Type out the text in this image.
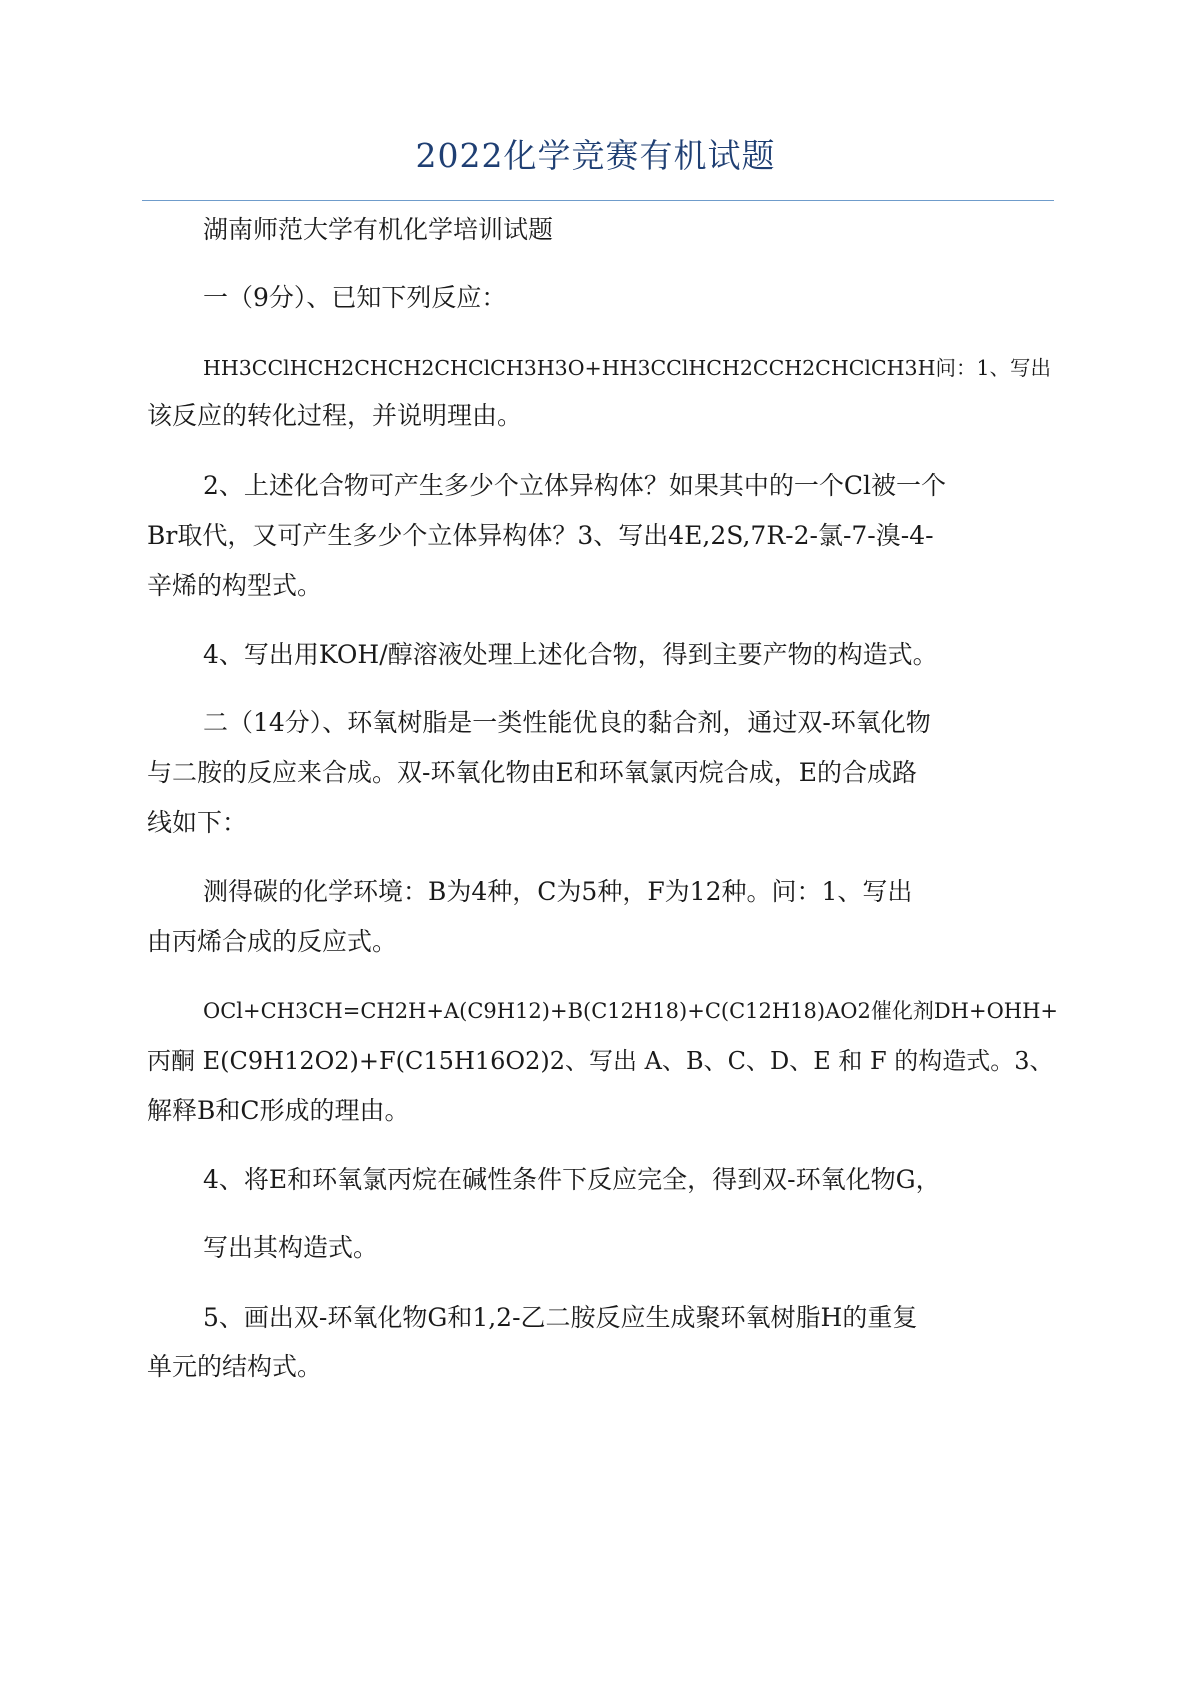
2022化学竞赛有机试题
湖南师范大学有机化学培训试题
一（9分）、已知下列反应：
HH3CClHCH2CHCH2CHClCH3H3O+HH3CClHCH2CCH2CHClCH3H问：1、写出
该反应的转化过程，并说明理由。
2、上述化合物可产生多少个立体异构体？如果其中的一个Cl被一个
Br取代，又可产生多少个立体异构体？3、写出4E,2S,7R-2-氯-7-溴-4-
辛烯的构型式。
4、写出用KOH/醇溶液处理上述化合物，得到主要产物的构造式。
二（14分）、环氧树脂是一类性能优良的黏合剂，通过双-环氧化物
与二胺的反应来合成。双-环氧化物由E和环氧氯丙烷合成，E的合成路
线如下：
测得碳的化学环境：B为4种，C为5种，F为12种。问：1、写出
由丙烯合成的反应式。
OCl+CH3CH=CH2H+A(C9H12)+B(C12H18)+C(C12H18)AO2催化剂DH+OHH+
丙酮 E(C9H12O2)+F(C15H16O2)2、写出 A、B、C、D、E 和 F 的构造式。3、
解释B和C形成的理由。
4、将E和环氧氯丙烷在碱性条件下反应完全，得到双-环氧化物G，
写出其构造式。
5、画出双-环氧化物G和1,2-乙二胺反应生成聚环氧树脂H的重复
单元的结构式。
